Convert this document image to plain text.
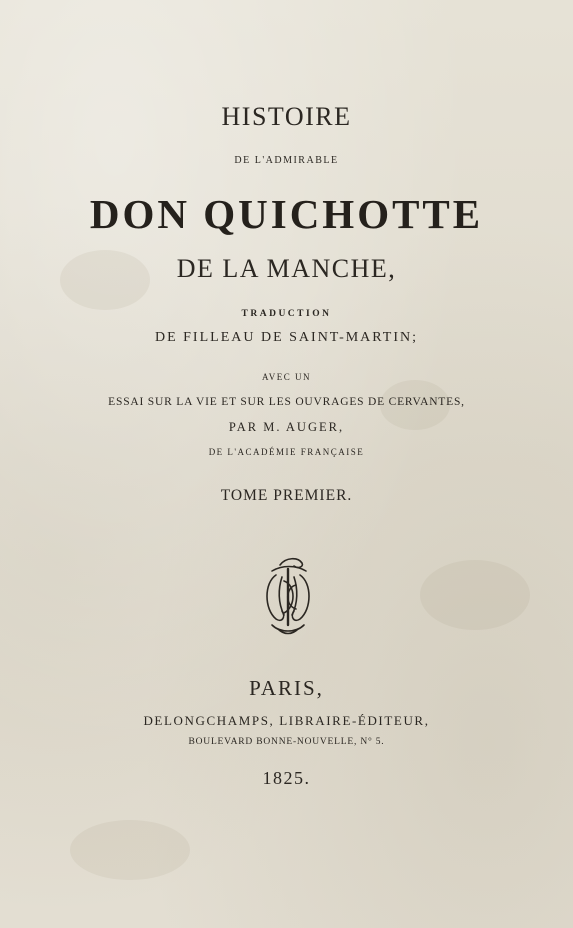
HISTOIRE
DE L'ADMIRABLE
DON QUICHOTTE
DE LA MANCHE,
TRADUCTION
DE FILLEAU DE SAINT-MARTIN;
AVEC UN
ESSAI SUR LA VIE ET SUR LES OUVRAGES DE CERVANTES,
PAR M. AUGER,
DE L'ACADÉMIE FRANÇAISE
TOME PREMIER.
PARIS,
DELONGCHAMPS, LIBRAIRE-ÉDITEUR,
BOULEVARD BONNE-NOUVELLE, N° 5.
1825.
